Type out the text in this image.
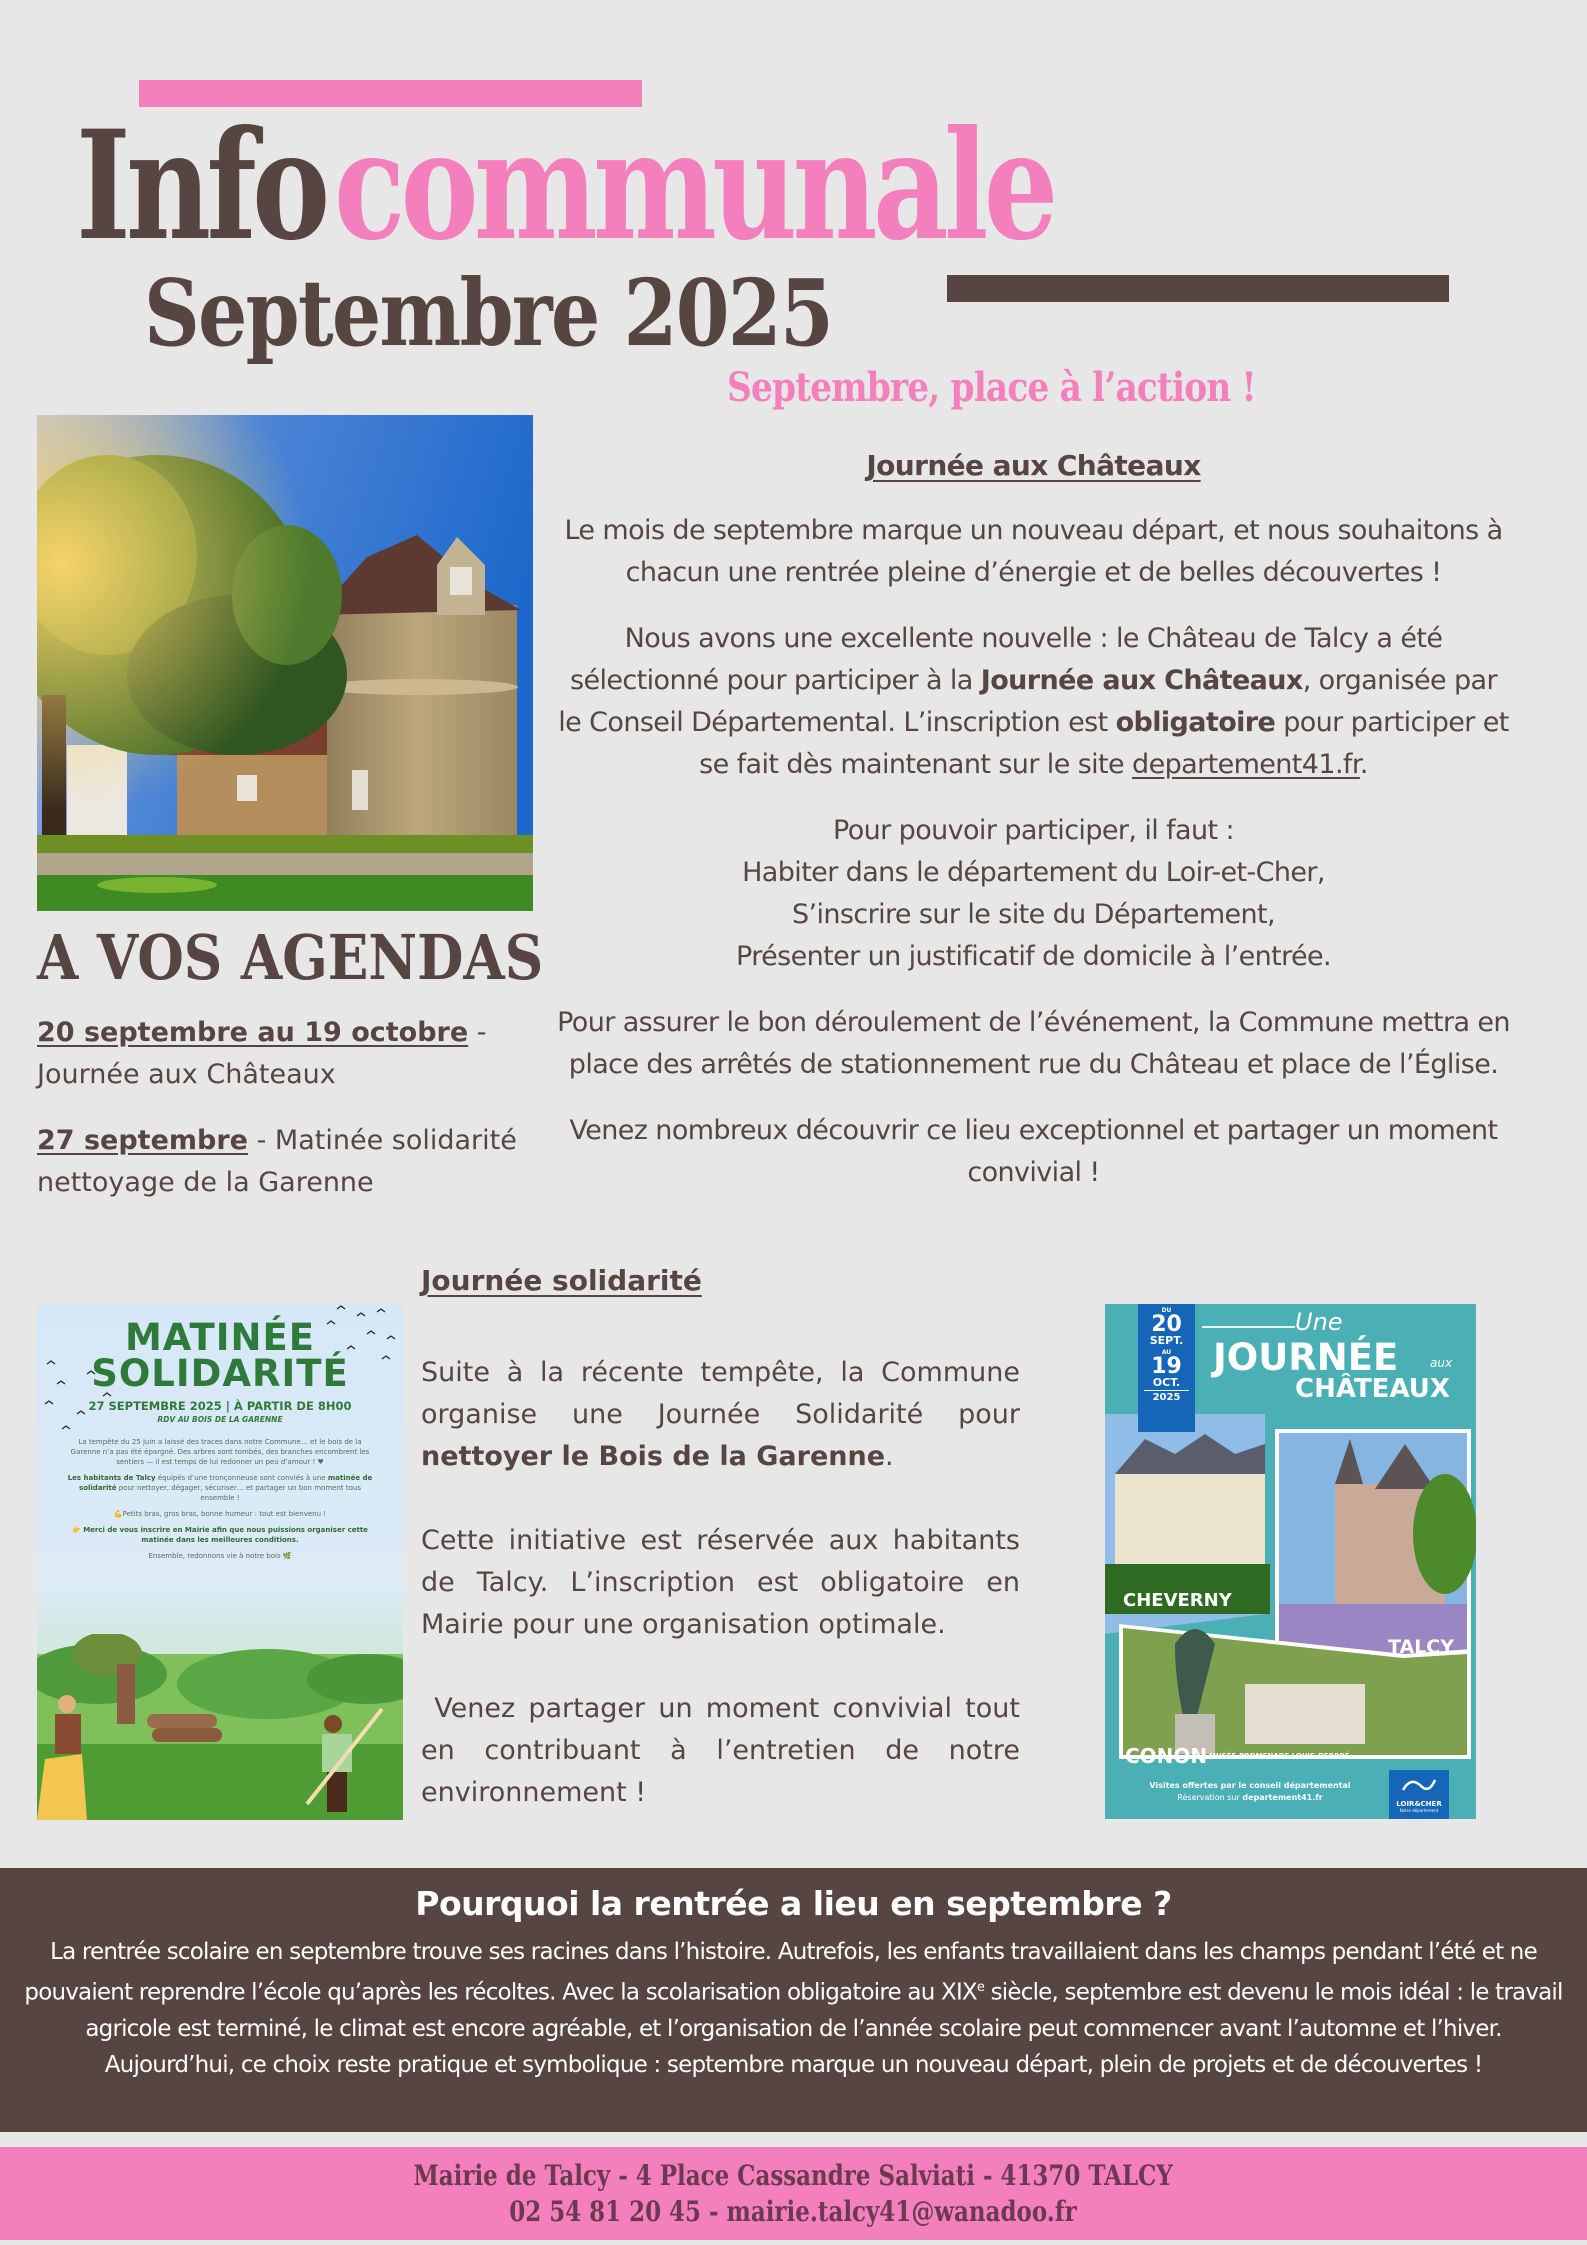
Infocommunale
Septembre 2025
Septembre, place à l’action !
A VOS AGENDAS
20 septembre au 19 octobre -
Journée aux Châteaux
27 septembre - Matinée solidarité nettoyage de la Garenne
Journée aux Châteaux

Le mois de septembre marque un nouveau départ, et nous souhaitons à chacun une rentrée pleine d’énergie et de belles découvertes !

Nous avons une excellente nouvelle : le Château de Talcy a été sélectionné pour participer à la Journée aux Châteaux, organisée par le Conseil Départemental. L’inscription est obligatoire pour participer et se fait dès maintenant sur le site departement41.fr.

Pour pouvoir participer, il faut :
Habiter dans le département du Loir-et-Cher,
S’inscrire sur le site du Département,
Présenter un justificatif de domicile à l’entrée.

Pour assurer le bon déroulement de l’événement, la Commune mettra en place des arrêtés de stationnement rue du Château et place de l’Église.

Venez nombreux découvrir ce lieu exceptionnel et partager un moment convivial !

MATINÉE
SOLIDARITÉ
27 SEPTEMBRE 2025 | À PARTIR DE 8H00
RDV AU BOIS DE LA GARENNE

La tempête du 25 juin a laissé des traces dans notre Commune… et le bois de la Garenne n’a pas été épargné. Des arbres sont tombés, des branches encombrent les sentiers — il est temps de lui redonner un peu d’amour ! ♥

Les habitants de Talcy équipés d’une tronçonneuse sont conviés à une matinée de solidarité pour nettoyer, dégager, sécuriser… et partager un bon moment tous ensemble !

💪Petits bras, gros bras, bonne humeur : tout est bienvenu !

👉 Merci de vous inscrire en Mairie afin que nous puissions organiser cette matinée dans les meilleures conditions.

Ensemble, redonnons vie à notre bois 🌿

Journée solidarité

Suite à la récente tempête, la Commune organise une Journée Solidarité pour nettoyer le Bois de la Garenne.

Cette initiative est réservée aux habitants de Talcy. L’inscription est obligatoire en Mairie pour une organisation optimale.

Venez partager un moment convivial tout en contribuant à l’entretien de notre environnement !

DU
20
SEPT.
AU
19
OCT.
2025
Une
JOURNÉE	aux
CHÂTEAUX
CHEVERNY
TALCY
CONON MUSÉE-PROMENADE LOUIS-DERBRÉ
Visites offertes par le conseil départemental
Réservation sur departement41.fr
LOIR&CHER
Notre département
Pourquoi la rentrée a lieu en septembre ?

La rentrée scolaire en septembre trouve ses racines dans l’histoire. Autrefois, les enfants travaillaient dans les champs pendant l’été et ne pouvaient reprendre l’école qu’après les récoltes. Avec la scolarisation obligatoire au XIXe siècle, septembre est devenu le mois idéal : le travail agricole est terminé, le climat est encore agréable, et l’organisation de l’année scolaire peut commencer avant l’automne et l’hiver. Aujourd’hui, ce choix reste pratique et symbolique : septembre marque un nouveau départ, plein de projets et de découvertes !

Mairie de Talcy - 4 Place Cassandre Salviati - 41370 TALCY
02 54 81 20 45 - mairie.talcy41@wanadoo.fr
